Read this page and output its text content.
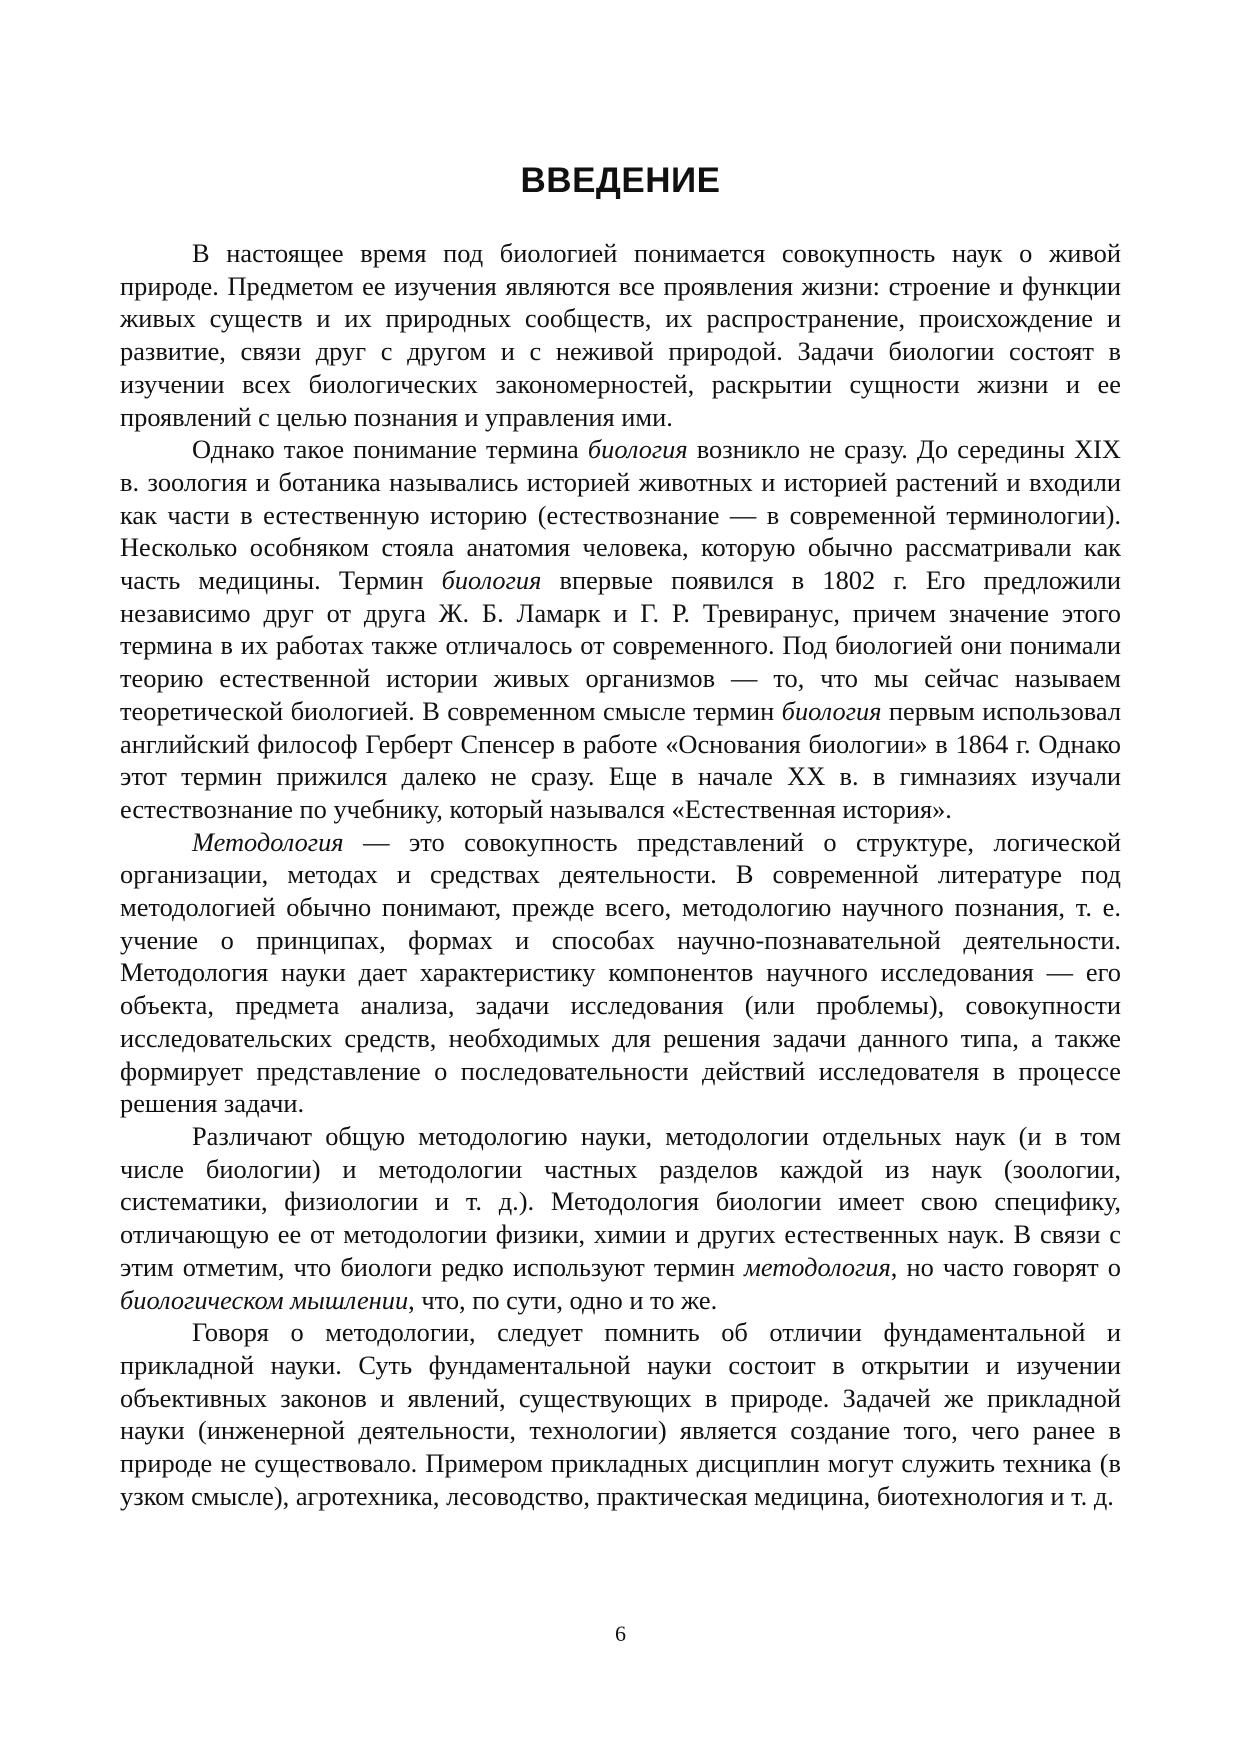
ВВЕДЕНИЕ

В настоящее время под биологией понимается совокупность наук о живой природе. Предметом ее изучения являются все проявления жизни: строение и функции живых существ и их природных сообществ, их распространение, происхождение и развитие, связи друг с другом и с неживой природой. Задачи биологии состоят в изучении всех биологических закономерностей, раскрытии сущности жизни и ее проявлений с целью познания и управления ими.

Однако такое понимание термина биология возникло не сразу. До середины XIX в. зоология и ботаника назывались историей животных и историей растений и входили как части в естественную историю (естествознание — в современной терминологии). Несколько особняком стояла анатомия человека, которую обычно рассматривали как часть медицины. Термин биология впервые появился в 1802 г. Его предложили независимо друг от друга Ж. Б. Ламарк и Г. Р. Тревиранус, причем значение этого термина в их работах также отличалось от современного. Под биологией они понимали теорию естественной истории живых организмов — то, что мы сейчас называем теоретической биологией. В современном смысле термин биология первым использовал английский философ Герберт Спенсер в работе «Основания биологии» в 1864 г. Однако этот термин прижился далеко не сразу. Еще в начале XX в. в гимназиях изучали естествознание по учебнику, который назывался «Естественная история».

Методология — это совокупность представлений о структуре, логической организации, методах и средствах деятельности. В современной литературе под методологией обычно понимают, прежде всего, методологию научного познания, т. е. учение о принципах, формах и способах научно-познавательной деятельности. Методология науки дает характеристику компонентов научного исследования — его объекта, предмета анализа, задачи исследования (или проблемы), совокупности исследовательских средств, необходимых для решения задачи данного типа, а также формирует представление о последовательности действий исследователя в процессе решения задачи.

Различают общую методологию науки, методологии отдельных наук (и в том числе биологии) и методологии частных разделов каждой из наук (зоологии, систематики, физиологии и т. д.). Методология биологии имеет свою специфику, отличающую ее от методологии физики, химии и других естественных наук. В связи с этим отметим, что биологи редко используют термин методология, но часто говорят о биологическом мышлении, что, по сути, одно и то же.

Говоря о методологии, следует помнить об отличии фундаментальной и прикладной науки. Суть фундаментальной науки состоит в открытии и изучении объективных законов и явлений, существующих в природе. Задачей же прикладной науки (инженерной деятельности, технологии) является создание того, чего ранее в природе не существовало. Примером прикладных дисциплин могут служить техника (в узком смысле), агротехника, лесоводство, практическая медицина, биотехнология и т. д.

6
